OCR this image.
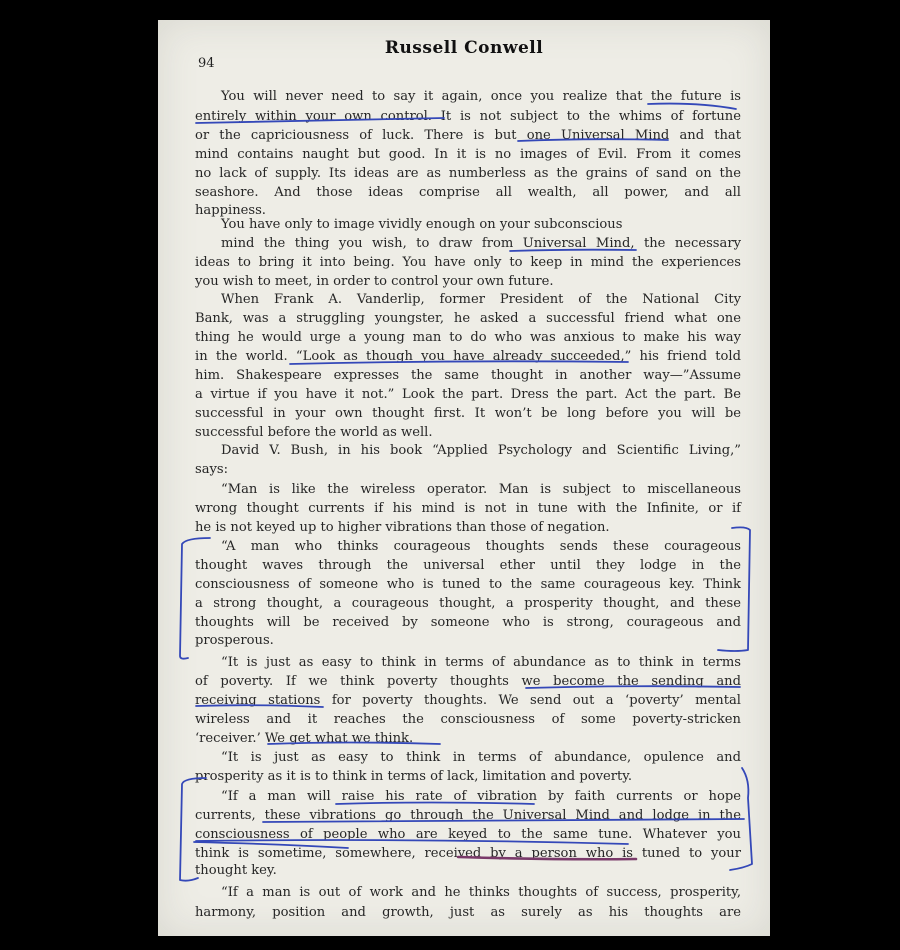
94
Russell Conwell
You will never need to say it again, once you realize that the future is
entirely within your own control. It is not subject to the whims of fortune
or the capriciousness of luck. There is but one Universal Mind and that
mind contains naught but good. In it is no images of Evil. From it comes
no lack of supply. Its ideas are as numberless as the grains of sand on the
seashore. And those ideas comprise all wealth, all power, and all
happiness.
You have only to image vividly enough on your subconscious
mind the thing you wish, to draw from Universal Mind, the necessary
ideas to bring it into being. You have only to keep in mind the experiences
you wish to meet, in order to control your own future.
When Frank A. Vanderlip, former President of the National City
Bank, was a struggling youngster, he asked a successful friend what one
thing he would urge a young man to do who was anxious to make his way
in the world. “Look as though you have already succeeded,” his friend told
him. Shakespeare expresses the same thought in another way—”Assume
a virtue if you have it not.” Look the part. Dress the part. Act the part. Be
successful in your own thought first. It won’t be long before you will be
successful before the world as well.
David V. Bush, in his book “Applied Psychology and Scientific Living,”
says:
“Man is like the wireless operator. Man is subject to miscellaneous
wrong thought currents if his mind is not in tune with the Infinite, or if
he is not keyed up to higher vibrations than those of negation.
“A man who thinks courageous thoughts sends these courageous
thought waves through the universal ether until they lodge in the
consciousness of someone who is tuned to the same courageous key. Think
a strong thought, a courageous thought, a prosperity thought, and these
thoughts will be received by someone who is strong, courageous and
prosperous.
“It is just as easy to think in terms of abundance as to think in terms
of poverty. If we think poverty thoughts we become the sending and
receiving stations for poverty thoughts. We send out a ‘poverty’ mental
wireless and it reaches the consciousness of some poverty-stricken
‘receiver.’ We get what we think.
“It is just as easy to think in terms of abundance, opulence and
prosperity as it is to think in terms of lack, limitation and poverty.
“If a man will raise his rate of vibration by faith currents or hope
currents, these vibrations go through the Universal Mind and lodge in the
consciousness of people who are keyed to the same tune. Whatever you
think is sometime, somewhere, received by a person who is tuned to your
thought key.
“If a man is out of work and he thinks thoughts of success, prosperity,
harmony, position and growth, just as surely as his thoughts are
